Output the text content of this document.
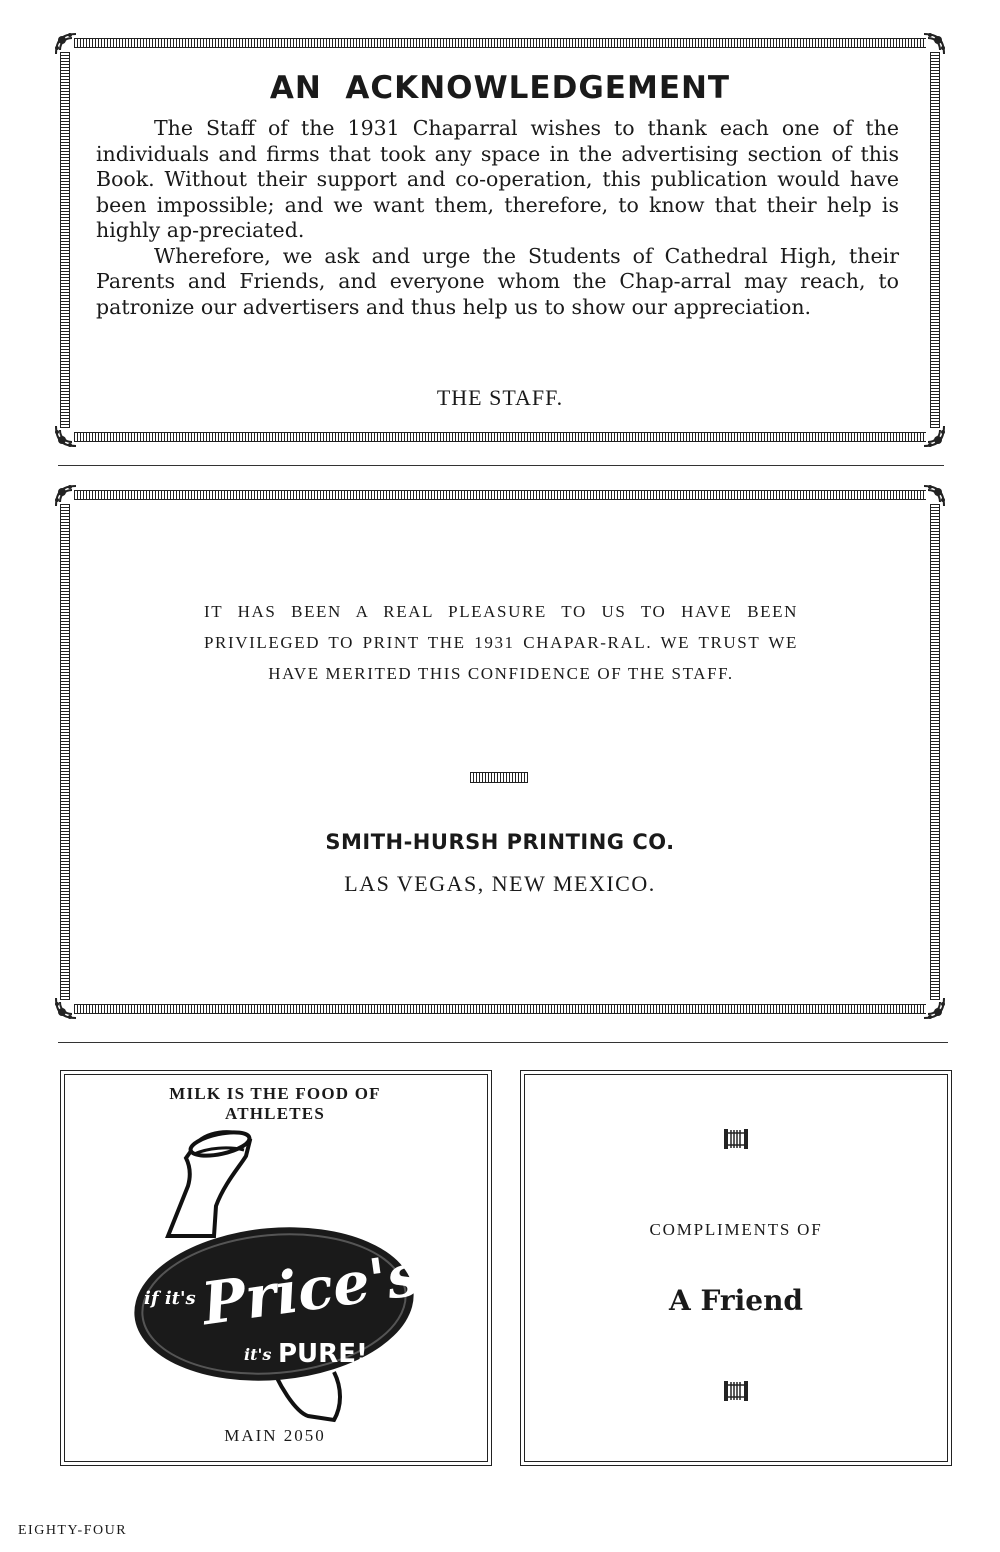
AN  ACKNOWLEDGEMENT

The Staff of the 1931 Chaparral wishes to thank each one of the individuals and firms that took any space in the advertising section of this Book. Without their support and co-operation, this publication would have been impossible; and we want them, therefore, to know that their help is highly ap-preciated.

Wherefore, we ask and urge the Students of Cathedral High, their Parents and Friends, and everyone whom the Chap-arral may reach, to patronize our advertisers and thus help us to show our appreciation.

THE STAFF.
IT HAS BEEN A REAL PLEASURE TO US TO HAVE BEEN PRIVILEGED TO PRINT THE 1931 CHAPAR-RAL. WE TRUST WE HAVE MERITED THIS CONFIDENCE OF THE STAFF.
SMITH-HURSH PRINTING CO.
LAS VEGAS, NEW MEXICO.
MILK IS THE FOOD OF ATHLETES
if it's Price's
it's PURE!
MAIN 2050
COMPLIMENTS OF
A Friend
EIGHTY-FOUR
